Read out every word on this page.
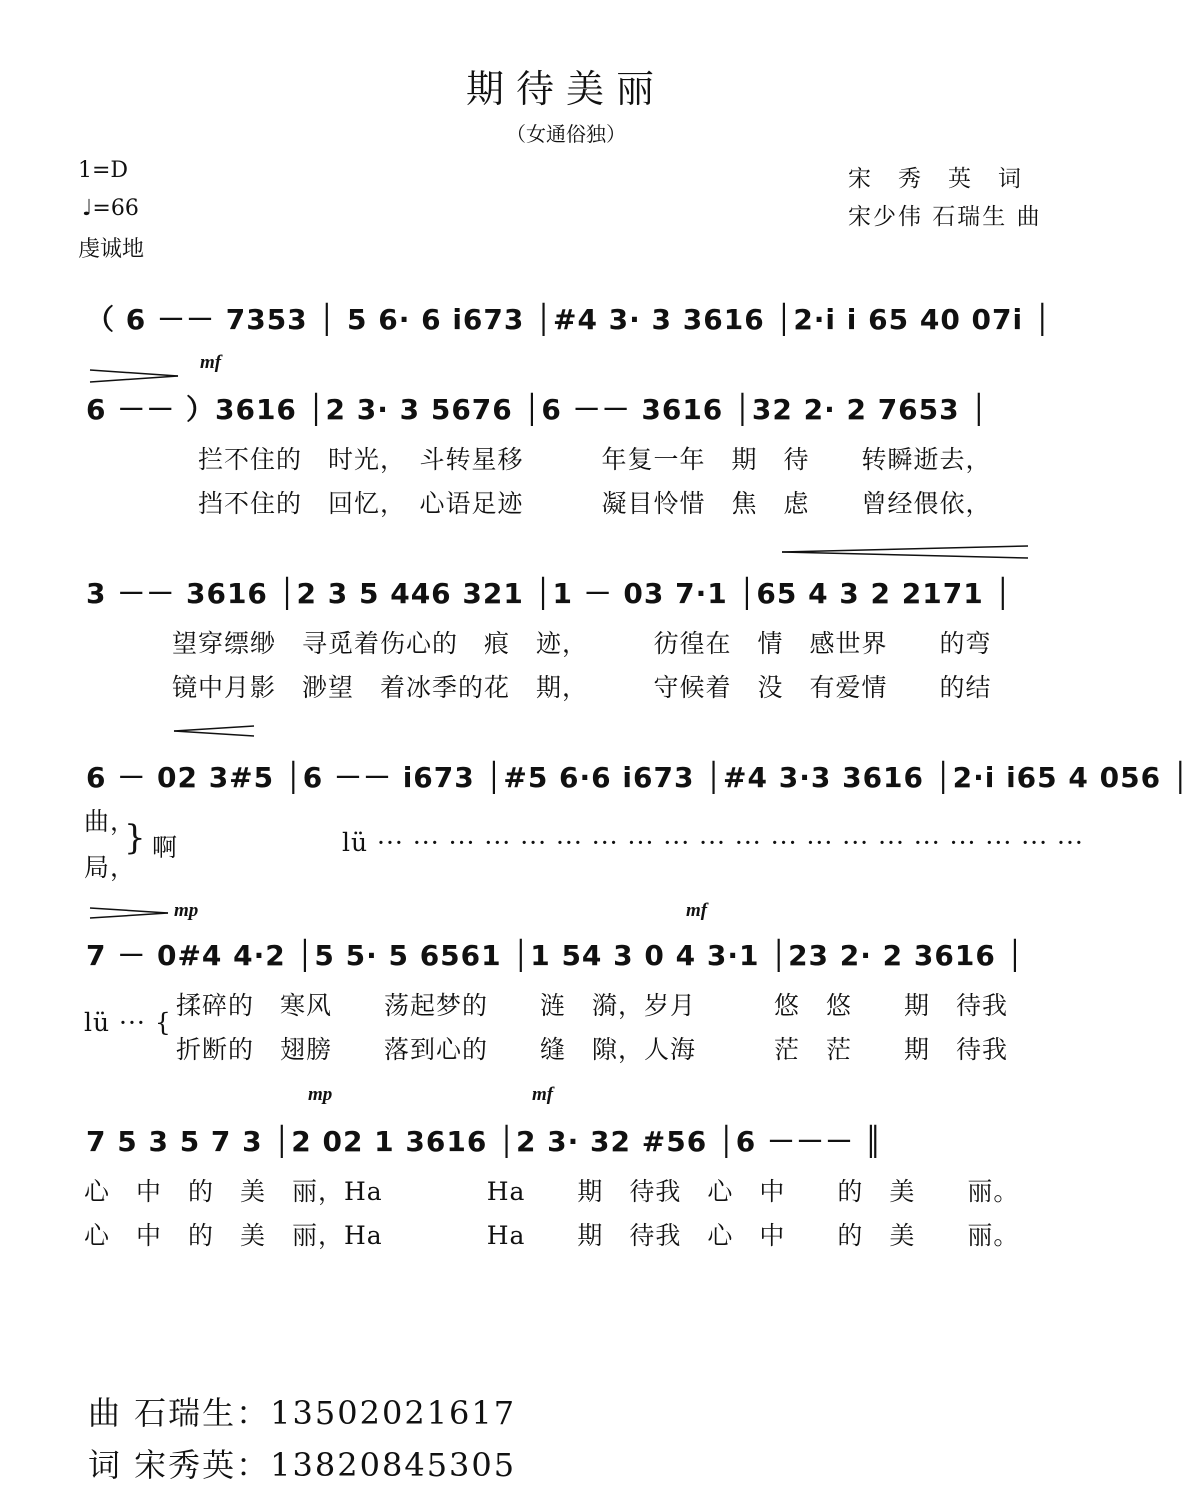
期待美丽
（女通俗独）
1=D
♩=66
虔诚地
宋　秀　英　词
宋少伟 石瑞生 曲
（ 6 －－ 7353 │ 5 6· 6 i673 │#4 3· 3 3616 │2·i i 65 40 07i │
mf
6 －－ ）3616 │2 3· 3 5676 │6 －－ 3616 │32 2· 2 7653 │
拦不住的　时光，　斗转星移　　　年复一年　期　待　　转瞬逝去，
挡不住的　回忆，　心语足迹　　　凝目怜惜　焦　虑　　曾经偎依，
3 －－ 3616 │2 3 5 446 321 │1 － 03 7·1 │65 4 3 2 2171 │
望穿缥缈　寻觅着伤心的　痕　迹，　　　彷徨在　情　感世界　　的弯
镜中月影　渺望　着冰季的花　期，　　　守候着　没　有爱情　　的结
6 － 02 3#5 │6 －－ i673 │#5 6·6 i673 │#4 3·3 3616 │2·i i65 4 056 │
曲，
局，
} 啊	lü ··· ··· ··· ··· ··· ··· ··· ··· ··· ··· ··· ··· ··· ··· ··· ··· ··· ··· ··· ···
mp	mf
7 － 0#4 4·2 │5 5· 5 6561 │1 54 3 0 4 3·1 │23 2· 2 3616 │
lü ··· {
揉碎的　寒风　　荡起梦的　　涟　漪，岁月　　　悠　悠　　期　待我
折断的　翅膀　　落到心的　　缝　隙，人海　　　茫　茫　　期　待我
mp	mf
7 5 3 5 7 3 │2 02 1 3616 │2 3· 32 #56 │6 －－－ ║
心　中　的　美　丽，Ha　　　　Ha　　期　待我　心　中　　的　美　　丽。
心　中　的　美　丽，Ha　　　　Ha　　期　待我　心　中　　的　美　　丽。
曲 石瑞生：13502021617
词 宋秀英：13820845305
